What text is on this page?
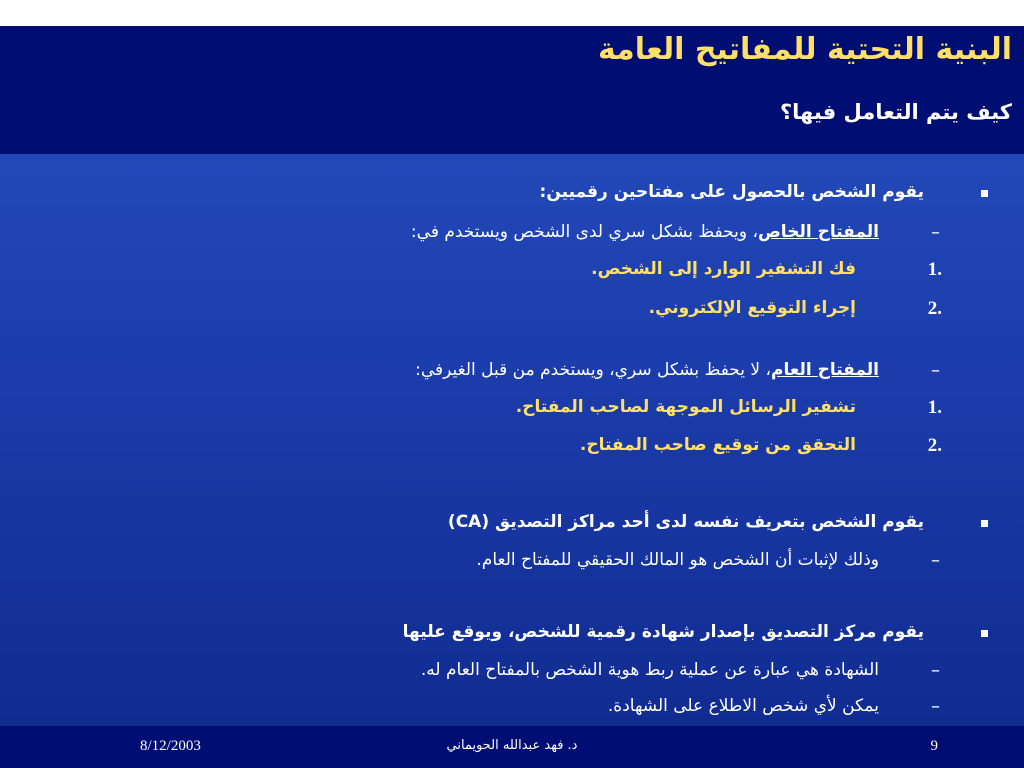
البنية التحتية للمفاتيح العامة
كيف يتم التعامل فيها؟
يقوم الشخص بالحصول على مفتاحين رقميين:
–
المفتاح الخاص، ويحفظ بشكل سري لدى الشخص ويستخدم في:
1.
فك التشفير الوارد إلى الشخص.
2.
إجراء التوقيع الإلكتروني.
–
المفتاح العام، لا يحفظ بشكل سري، ويستخدم من قبل الغيرفي:
1.
تشفير الرسائل الموجهة لصاحب المفتاح.
2.
التحقق من توقيع صاحب المفتاح.
يقوم الشخص بتعريف نفسه لدى أحد مراكز التصديق (CA)
–
وذلك لإثبات أن الشخص هو المالك الحقيقي للمفتاح العام.
يقوم مركز التصديق بإصدار شهادة رقمية للشخص، ويوقع عليها
–
الشهادة هي عبارة عن عملية ربط هوية الشخص بالمفتاح العام له.
–
يمكن لأي شخص الاطلاع على الشهادة.
8/12/2003	د. فهد عبدالله الحويماني	9
